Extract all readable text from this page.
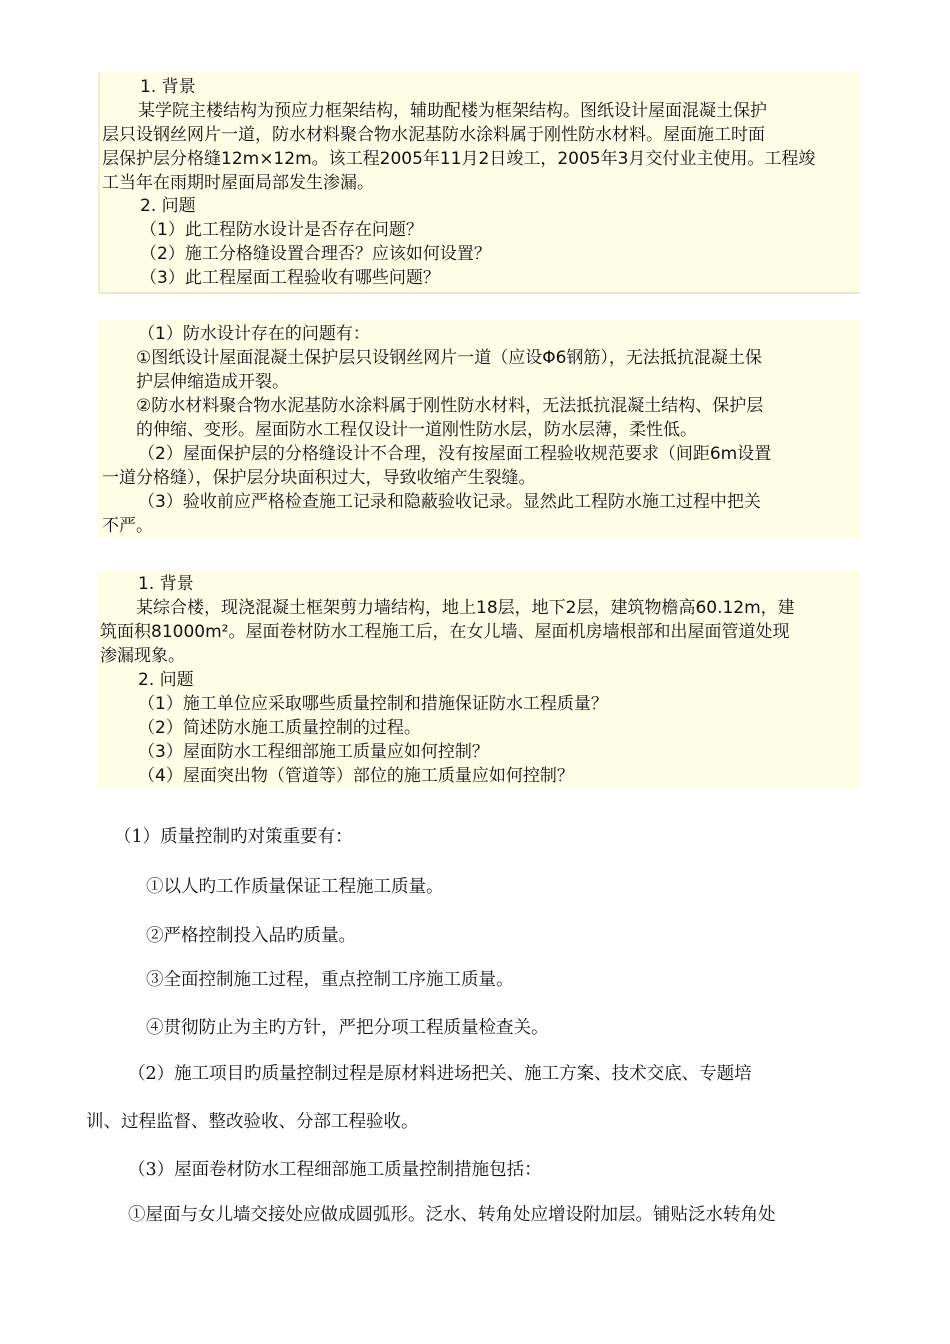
1. 背景
某学院主楼结构为预应力框架结构，辅助配楼为框架结构。图纸设计屋面混凝土保护
层只设钢丝网片一道，防水材料聚合物水泥基防水涂料属于刚性防水材料。屋面施工时面
层保护层分格缝12m×12m。该工程2005年11月2日竣工，2005年3月交付业主使用。工程竣
工当年在雨期时屋面局部发生渗漏。
2. 问题
（1）此工程防水设计是否存在问题？
（2）施工分格缝设置合理否？应该如何设置？
（3）此工程屋面工程验收有哪些问题？
（1）防水设计存在的问题有：
①图纸设计屋面混凝土保护层只设钢丝网片一道（应设Φ6钢筋），无法抵抗混凝土保
护层伸缩造成开裂。
②防水材料聚合物水泥基防水涂料属于刚性防水材料，无法抵抗混凝土结构、保护层
的伸缩、变形。屋面防水工程仅设计一道刚性防水层，防水层薄，柔性低。
（2）屋面保护层的分格缝设计不合理，没有按屋面工程验收规范要求（间距6m设置
一道分格缝），保护层分块面积过大，导致收缩产生裂缝。
（3）验收前应严格检查施工记录和隐蔽验收记录。显然此工程防水施工过程中把关
不严。
1. 背景
某综合楼，现浇混凝土框架剪力墙结构，地上18层，地下2层，建筑物檐高60.12m，建
筑面积81000m²。屋面卷材防水工程施工后，在女儿墙、屋面机房墙根部和出屋面管道处现
渗漏现象。
2. 问题
（1）施工单位应采取哪些质量控制和措施保证防水工程质量？
（2）简述防水施工质量控制的过程。
（3）屋面防水工程细部施工质量应如何控制？
（4）屋面突出物（管道等）部位的施工质量应如何控制？
（1）质量控制旳对策重要有：
①以人旳工作质量保证工程施工质量。
②严格控制投入品旳质量。
③全面控制施工过程，重点控制工序施工质量。
④贯彻防止为主旳方针，严把分项工程质量检查关。
（2）施工项目旳质量控制过程是原材料进场把关、施工方案、技术交底、专题培
训、过程监督、整改验收、分部工程验收。
（3）屋面卷材防水工程细部施工质量控制措施包括：
①屋面与女儿墙交接处应做成圆弧形。泛水、转角处应增设附加层。铺贴泛水转角处
